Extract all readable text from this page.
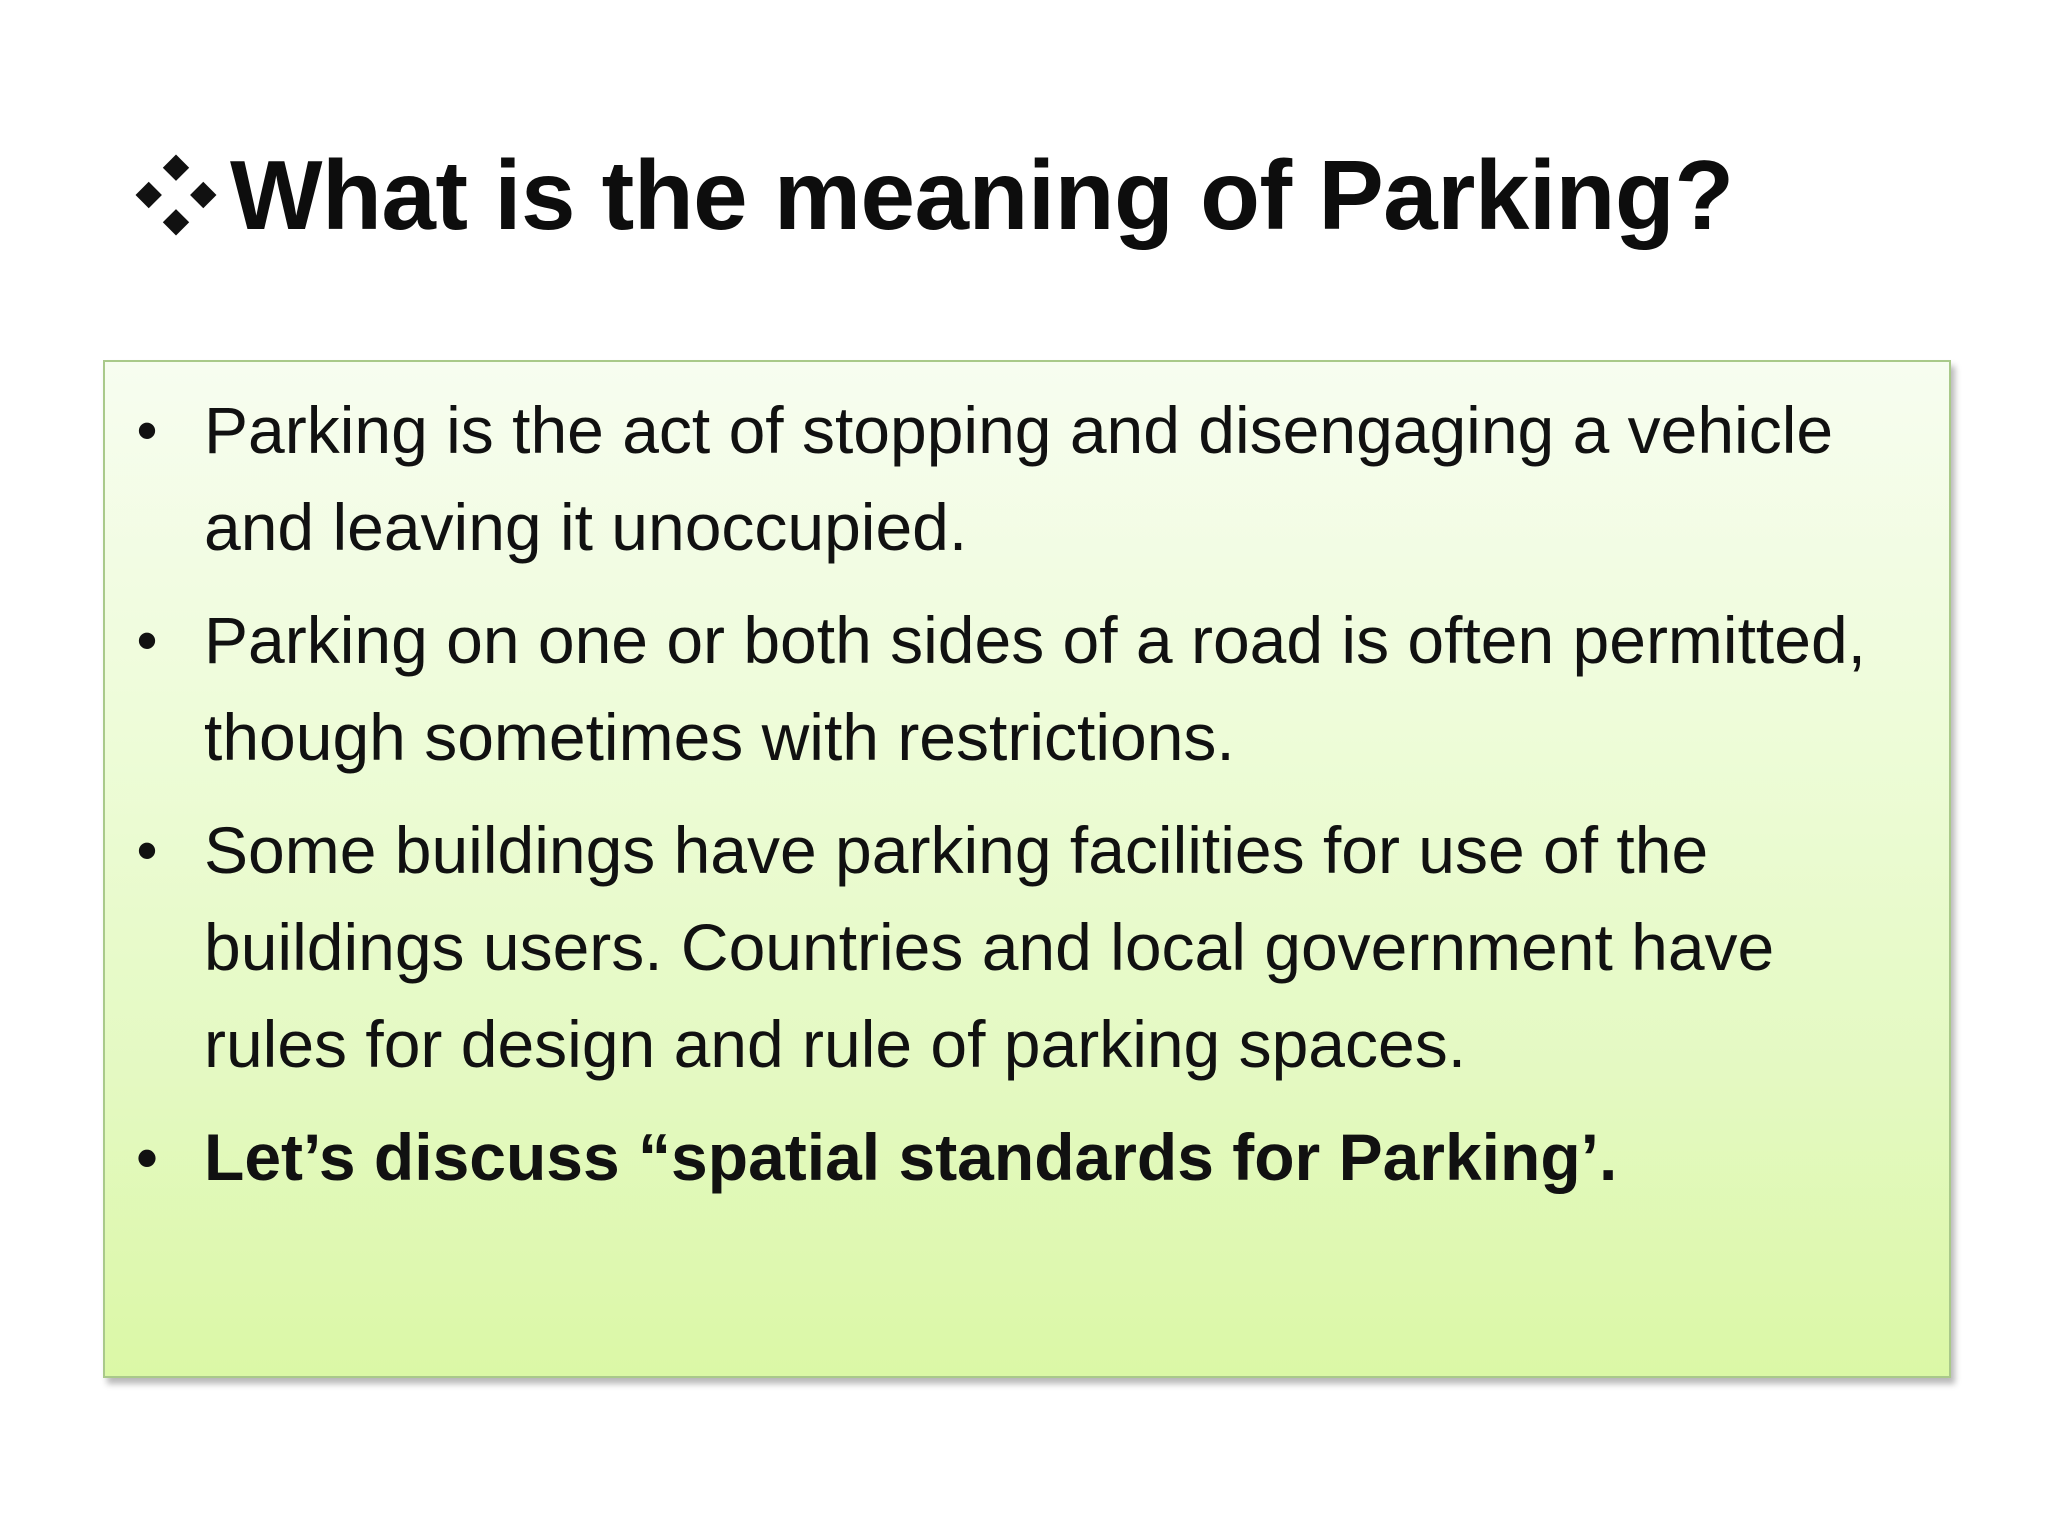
What is the meaning of Parking?
• Parking is the act of stopping and disengaging a vehicle and leaving it unoccupied.
• Parking on one or both sides of a road is often permitted, though sometimes with restrictions.
• Some buildings have parking facilities for use of the buildings users. Countries and local government have rules for design and rule of parking spaces.
• Let’s discuss “spatial standards for Parking’.
